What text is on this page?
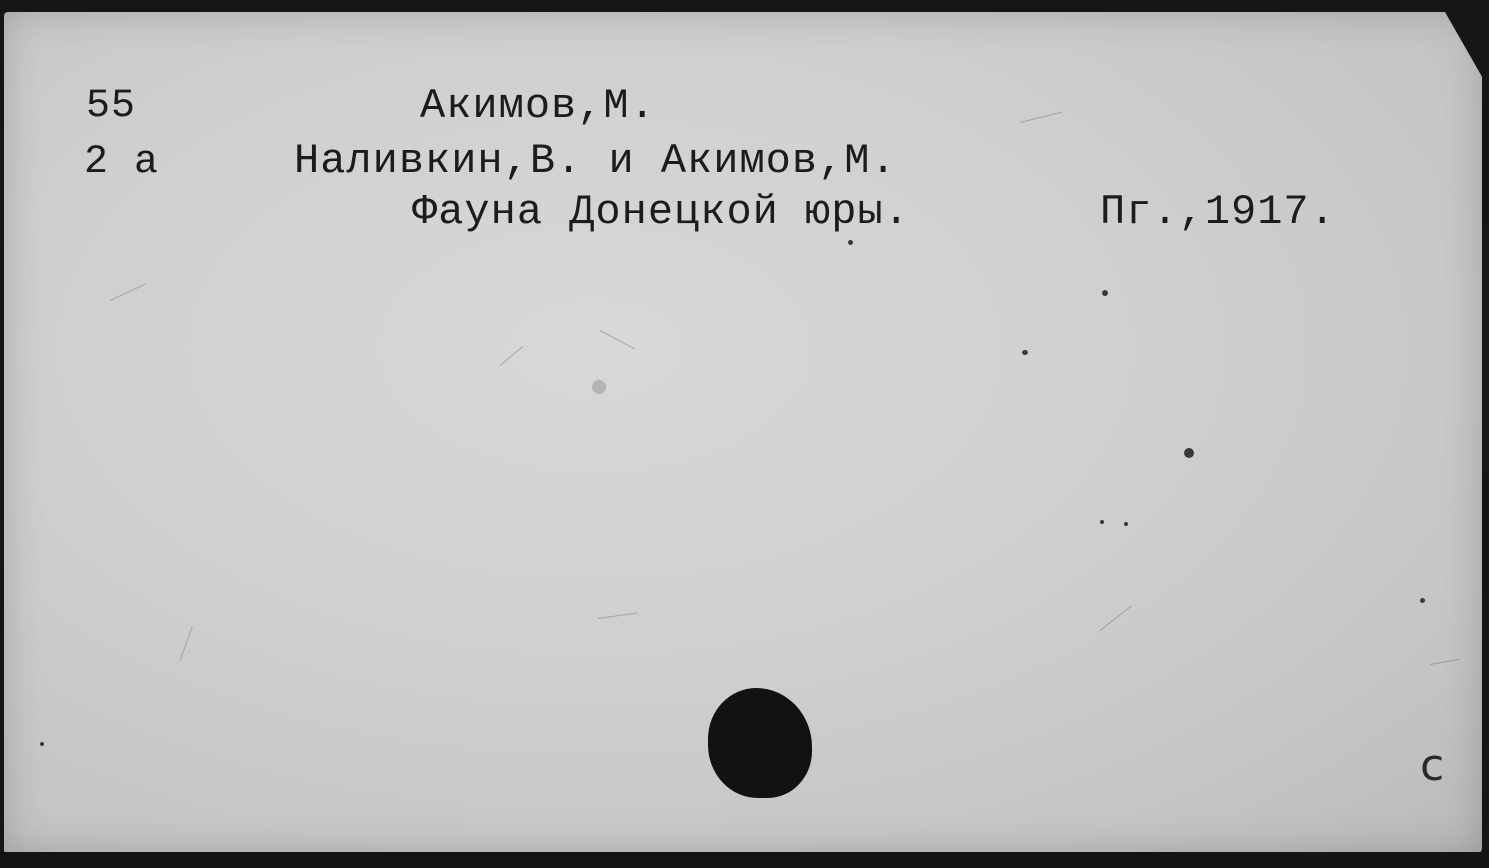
55
2 а
Акимов,М.
Наливкин,В. и Акимов,М.
Фауна Донецкой юры.	Пг.,1917.
с
